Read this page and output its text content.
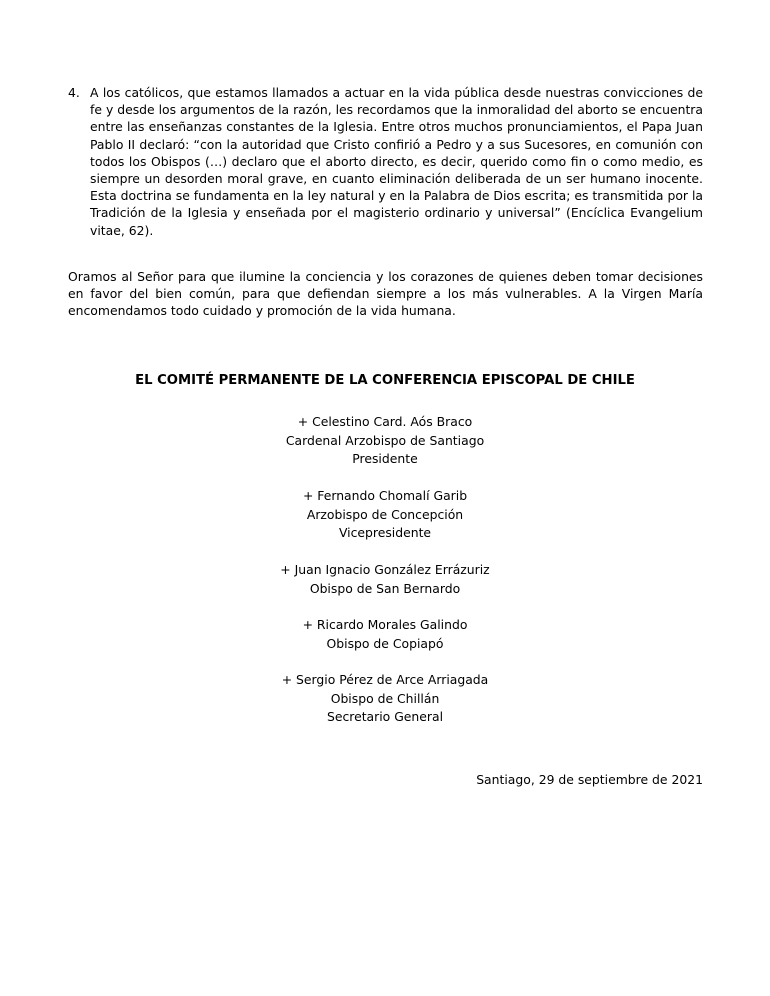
4. A los católicos, que estamos llamados a actuar en la vida pública desde nuestras convicciones de fe y desde los argumentos de la razón, les recordamos que la inmoralidad del aborto se encuentra entre las enseñanzas constantes de la Iglesia. Entre otros muchos pronunciamientos, el Papa Juan Pablo II declaró: “con la autoridad que Cristo confirió a Pedro y a sus Sucesores, en comunión con todos los Obispos (…) declaro que el aborto directo, es decir, querido como fin o como medio, es siempre un desorden moral grave, en cuanto eliminación deliberada de un ser humano inocente. Esta doctrina se fundamenta en la ley natural y en la Palabra de Dios escrita; es transmitida por la Tradición de la Iglesia y enseñada por el magisterio ordinario y universal” (Encíclica Evangelium vitae, 62).
Oramos al Señor para que ilumine la conciencia y los corazones de quienes deben tomar decisiones en favor del bien común, para que defiendan siempre a los más vulnerables. A la Virgen María encomendamos todo cuidado y promoción de la vida humana.
EL COMITÉ PERMANENTE DE LA CONFERENCIA EPISCOPAL DE CHILE
+ Celestino Card. Aós Braco
Cardenal Arzobispo de Santiago
Presidente
+ Fernando Chomalí Garib
Arzobispo de Concepción
Vicepresidente
+ Juan Ignacio González Errázuriz
Obispo de San Bernardo
+ Ricardo Morales Galindo
Obispo de Copiapó
+ Sergio Pérez de Arce Arriagada
Obispo de Chillán
Secretario General
Santiago, 29 de septiembre de 2021
